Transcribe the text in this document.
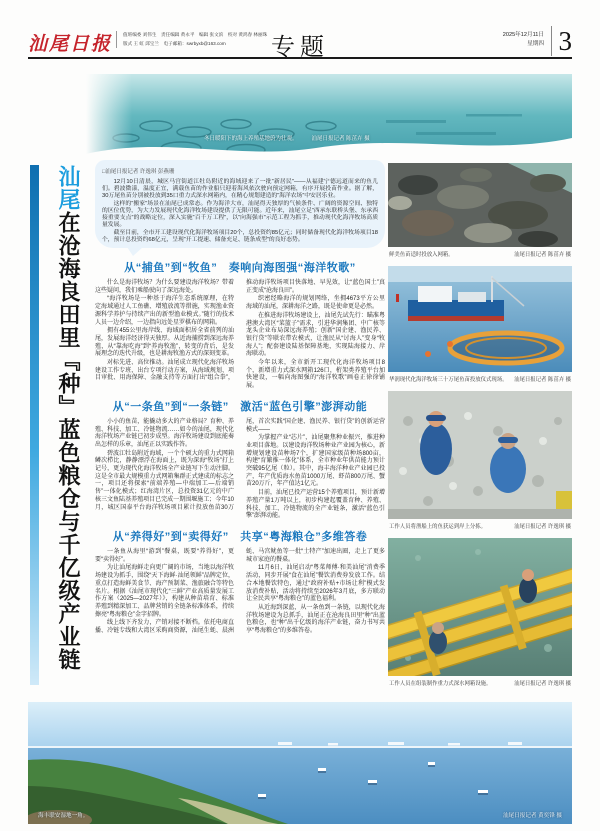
汕尾日报 值班编委 刘伟生　责任编辑 黄永平　编辑 张文滨　校对 黄鸿春 林丽珠
版式 王 虹 邱宝兰　电子邮箱：swrbyxb@163.com	专题	2025年12月11日
星期四 3
冬日暖阳下的海上养殖基地蔚为壮观。	汕尾日报记者 陈茁卉 摄
汕尾在沧海良田里『种』蓝色粮仓与千亿级产业链
□汕尾日报记者 许逸琪 彭燕珊

12月10日清晨，城区马宫街道江牡岛附近的海域迎来了一批“新居民”——从福建宁德远道而来的鱼儿们。碧波微漾，温度正宜，满载鱼苗的作业船只迎着海风依次驶向预定网箱，有序开展投苗作业。据了解，30万尾鱼苗分别被投放到35口重力式深水网箱内，在精心规划建造的“海洋农场”中安居乐业。

这样的“搬家”场景在汕尾已成常态。作为海洋大市，汕尾得天独厚的气候条件、广阔的资源空间、独特的区位优势，为大力发展现代化海洋牧场建设提供了无限可能。近年来，汕尾立足“西承东联桥头堡、东承西接重要支点”的战略定位，深入实施“百千万工程”，以“向海强市”示范工程为抓手，推动现代化海洋牧场高质量发展。

截至目前，全市开工建设现代化海洋牧场项目20个，总投资约85亿元；同时储备现代化海洋牧场项目18个，预计总投资约68亿元，呈现“开工提速、储备充足、链条成型”的良好态势。

从“捕鱼”到“牧鱼”　奏响向海图强“海洋牧歌”

什么是海洋牧场？为什么要建设海洋牧场？带着这些疑问，我们乘船驶向了深远海处。

“海洋牧场是一种基于海洋生态系统原理，在特定海域通过人工鱼礁、增殖放流等措施，实现渔业资源科学养护与持续产出的新型渔业模式。”随行的技术人员一边介绍，一边指向远处星罗棋布的网箱。

拥有455公里海岸线、海域面积居全省前列的汕尾，发展海洋经济得天独厚。从近海捕捞到深远海养殖，从“靠海吃海”到“养海牧渔”，转变的背后，是发展理念的迭代升级，也是耕海牧渔方式的深刻变革。

对标先进、高位推动。汕尾成立现代化海洋牧场建设工作专班，出台专项行动方案，从海域规划、项目审批、用海保障、金融支持等方面打出“组合拳”，推动海洋牧场项目快落地、早见效，让“蓝色国土”真正变成“沧海良田”。

织密经略海洋的规划网络，坐拥4673平方公里海域的汕尾，深耕海洋之路，既是使命更是必然。

在推进海洋牧场建设上，汕尾先试先行：瞄准粤港澳大湾区“菜篮子”需求，引进华润集团、中广核等龙头企业布局深远海养殖；创新“国企建、渔民养、银行贷”等联农带农模式，让渔民从“讨海人”变身“牧海人”；配套建设陆基保障基地，实现陆海接力、岸海联动。

今年以来，全市新开工现代化海洋牧场项目8个，新增重力式深水网箱126口，桁架类养殖平台加快建设，一幅向海图强的“海洋牧歌”画卷正徐徐铺展。

从“一条鱼”到“一条链”　激活“蓝色引擎”澎湃动能

小小的鱼苗，能撬动多大的产业格局？育种、养殖、科技、加工、冷链物流……如今的汕尾，现代化海洋牧场产业链已初步成型。海洋牧场建设到底能奏出怎样的乐章，汕尾正以实践作答。

碧波江牡岛附近海域，一个个硕大的重力式网箱鳞次栉比，静静漂浮在海面上，既为深海“牧场”打上记号，更为现代化海洋牧场全产业链写下生动注脚。这是全市最大规模重力式网箱集群正式建成的标志之一，项目还将探索“前端养殖—中端加工—后端销售”一体化模式；红海湾片区，总投资31亿元的中广核三文鱼陆基养殖项目已完成一期围堰施工；今年10月，城区国泰平台海洋牧场项目累计投放鱼苗30万尾，首次实践“国企建、渔民养、银行贷”的创新运营模式——

为掌握产业“芯片”，汕尾聚焦种业振兴，推进种业项目落地。以建设海洋牧场种业产业园为核心，新增规划建设苗种场7个，扩建国家级苗种场800亩，构建“育繁推一体化”体系，全市种业年供苗能力预计突破95亿尾（粒）。其中，海丰海洋种业产业园已投产，年产优质海水鱼苗1000万尾、虾苗800万尾、蟹苗20万斤，年产值达1亿元。

目前，汕尾已投产运营15个养殖项目，预计新增养殖产量1万吨以上，初步构建起覆盖育种、养殖、科技、加工、冷链物流的全产业链条，激活“蓝色引擎”澎湃动能。

从“养得好”到“卖得好”　共享“粤海粮仓”多维答卷

一条鱼从海里“游到”餐桌，既要“养得好”，更要“卖得好”。

为让汕尾海鲜走向更广阔的市场，当地以海洋牧场建设为抓手，围绕“天下海鲜·汕尾领鲜”品牌定位，重点打造海鲜美食节、海产预制菜、渔旅融合等特色名片。根据《汕尾市现代化“三鲜”产业高质量发展工作方案（2025—2027年）》，构建从种苗培育、标准养殖到精深加工、品牌营销的全链条标准体系，持续擦亮“粤海粮仓”金字招牌。

线上线下齐发力，产销对接不断档。依托电商直播、冷链专线和大湾区采购商资源，汕尾生蚝、晨洲蚝、马宫鱿鱼等一批“土特产”加速出圈，走上了更多城市家庭的餐桌。

11月6日，汕尾启动“粤菜师傅·和美汕尾”消费季活动，同步开展“食在汕尾”餐饮消费券发放工作。结合本地餐饮特色，通过“政府补贴+市场让利”模式发放消费补贴，活动将持续至2026年3月底，多方联动让全民共享“粤海粮仓”的蓝色福利。

从近海到深蓝，从一条鱼到一条链，以现代化海洋牧场建设为总抓手，汕尾正在沧海良田里“种”出蓝色粮仓，也“种”出千亿级的海洋产业链，奋力书写共享“粤海粮仓”的多维答卷。

鲜美鱼苗适时投放入网箱。	汕尾日报记者 陈茁卉 摄
华润现代化海洋牧场三十万尾鱼苗投放仪式现场。 汕尾日报记者 陈茁卉 摄
工作人员将渔船上的鱼获运到岸上分拣。	汕尾日报记者 许逸琪 摄
工作人员在组装制作重力式深水网箱设施。	汕尾日报记者 许逸琪 摄
海丰联安湿地一角。	汕尾日报记者 黄奕锋 摄
